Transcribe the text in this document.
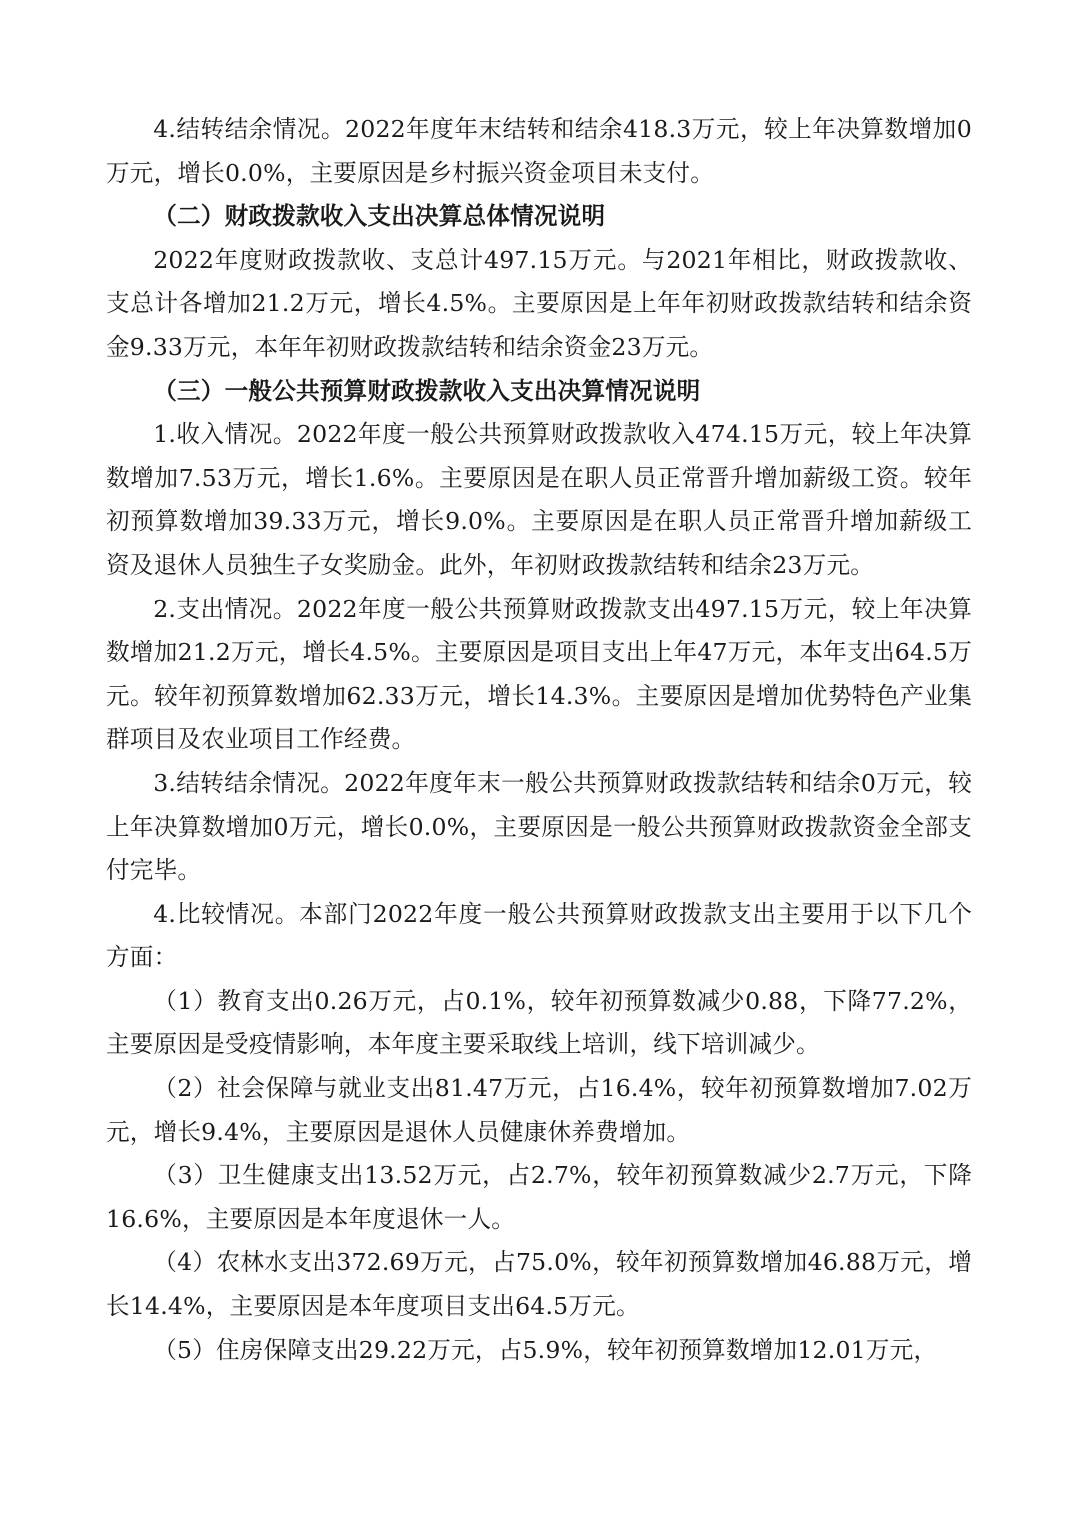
4.结转结余情况。2022年度年末结转和结余418.3万元，较上年决算数增加0万元，增长0.0%，主要原因是乡村振兴资金项目未支付。

（二）财政拨款收入支出决算总体情况说明

2022年度财政拨款收、支总计497.15万元。与2021年相比，财政拨款收、支总计各增加21.2万元，增长4.5%。主要原因是上年年初财政拨款结转和结余资金9.33万元，本年年初财政拨款结转和结余资金23万元。

（三）一般公共预算财政拨款收入支出决算情况说明

1.收入情况。2022年度一般公共预算财政拨款收入474.15万元，较上年决算数增加7.53万元，增长1.6%。主要原因是在职人员正常晋升增加薪级工资。较年初预算数增加39.33万元，增长9.0%。主要原因是在职人员正常晋升增加薪级工资及退休人员独生子女奖励金。此外，年初财政拨款结转和结余23万元。

2.支出情况。2022年度一般公共预算财政拨款支出497.15万元，较上年决算数增加21.2万元，增长4.5%。主要原因是项目支出上年47万元，本年支出64.5万元。较年初预算数增加62.33万元，增长14.3%。主要原因是增加优势特色产业集群项目及农业项目工作经费。

3.结转结余情况。2022年度年末一般公共预算财政拨款结转和结余0万元，较上年决算数增加0万元，增长0.0%，主要原因是一般公共预算财政拨款资金全部支付完毕。

4.比较情况。本部门2022年度一般公共预算财政拨款支出主要用于以下几个方面：

（1）教育支出0.26万元，占0.1%，较年初预算数减少0.88，下降77.2%，主要原因是受疫情影响，本年度主要采取线上培训，线下培训减少。

（2）社会保障与就业支出81.47万元，占16.4%，较年初预算数增加7.02万元，增长9.4%，主要原因是退休人员健康休养费增加。

（3）卫生健康支出13.52万元，占2.7%，较年初预算数减少2.7万元，下降16.6%，主要原因是本年度退休一人。

（4）农林水支出372.69万元，占75.0%，较年初预算数增加46.88万元，增长14.4%，主要原因是本年度项目支出64.5万元。

（5）住房保障支出29.22万元，占5.9%，较年初预算数增加12.01万元，
